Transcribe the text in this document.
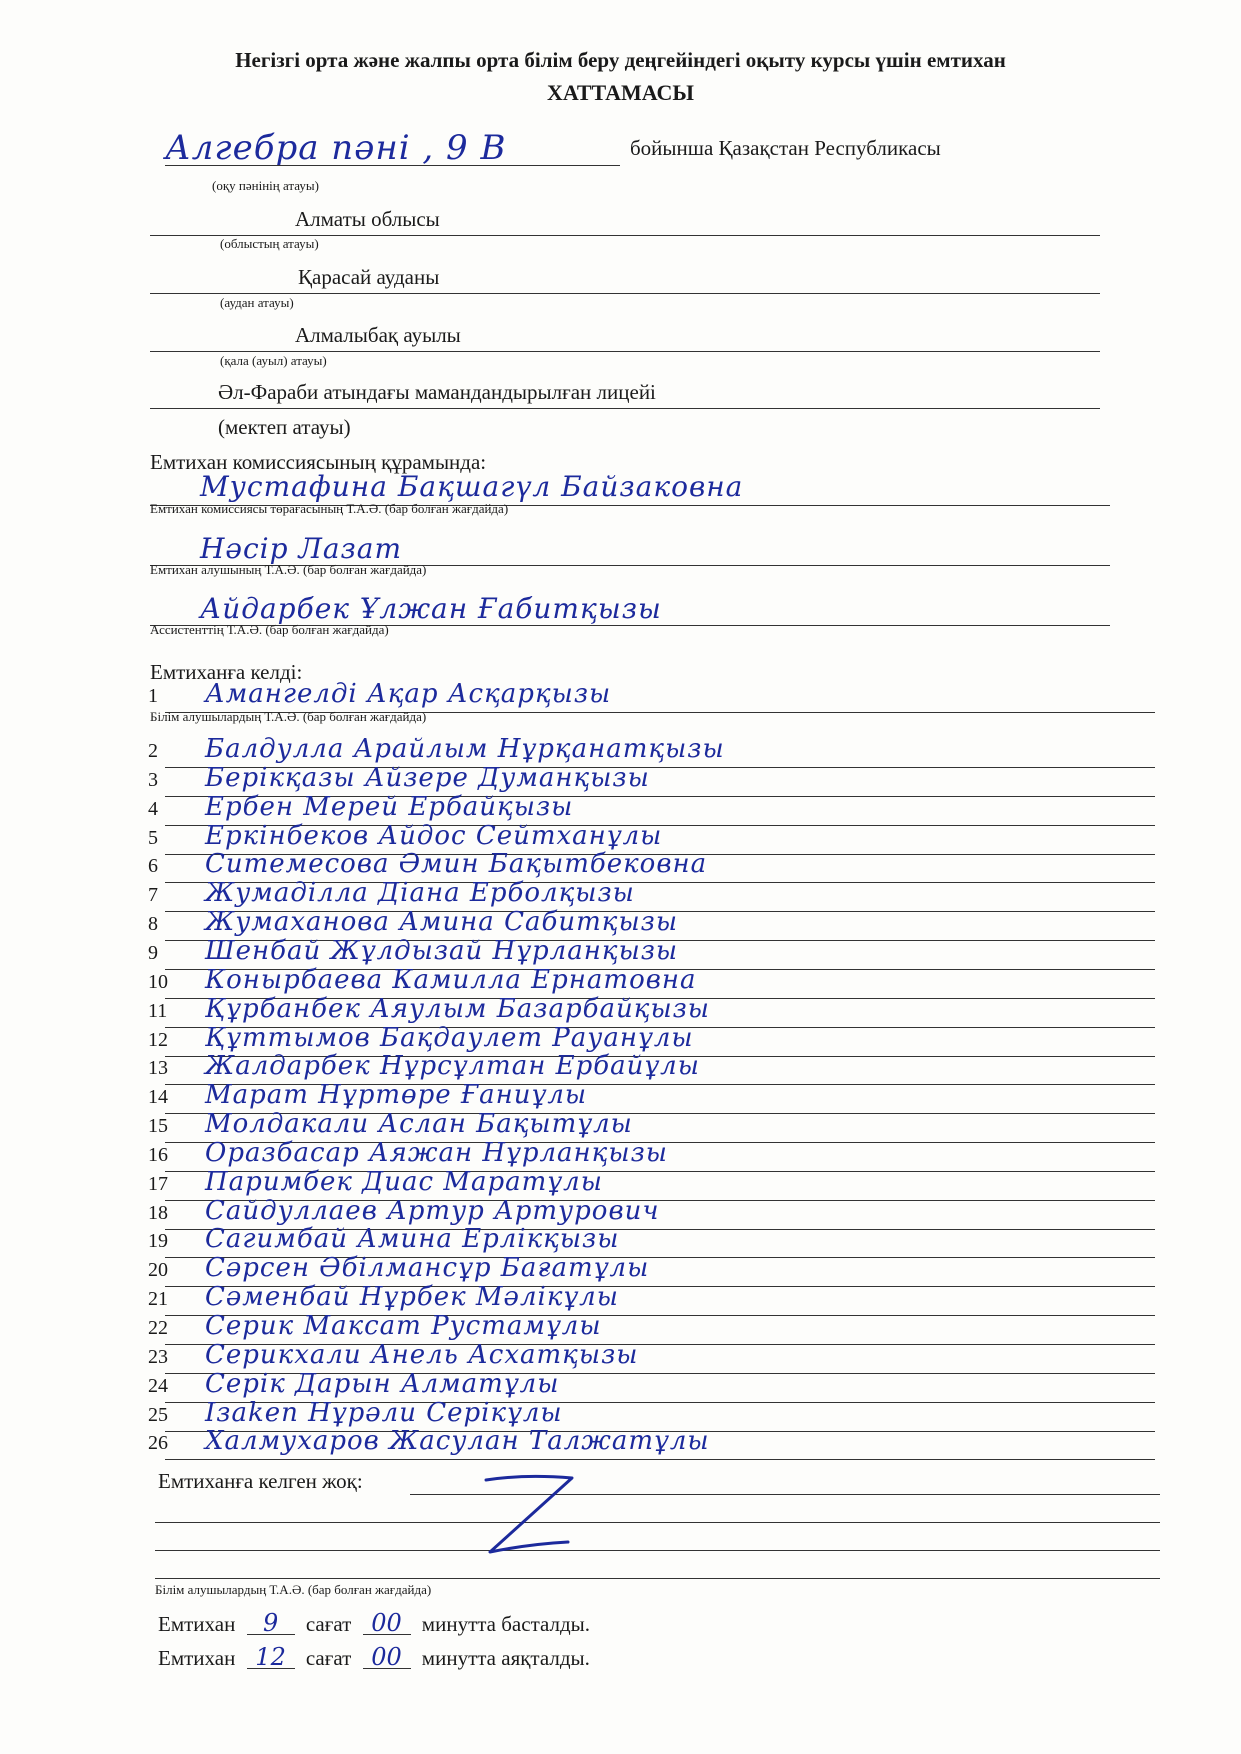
Негізгі орта және жалпы орта білім беру деңгейіндегі оқыту курсы үшін емтихан
ХАТТАМАСЫ
Алгебра пәні , 9 В	бойынша Қазақстан Республикасы
(оқу пәнінің атауы)
Алматы облысы
(облыстың атауы)
Қарасай ауданы
(аудан атауы)
Алмалыбақ ауылы
(қала (ауыл) атауы)
Әл-Фараби атындағы мамандандырылған лицейі
(мектеп атауы)
Емтихан комиссиясының құрамында:
Мустафина Бақшагүл Байзаковна
Емтихан комиссиясы төрағасының Т.А.Ә. (бар болған жағдайда)
Нәсір Лазат
Емтихан алушының Т.А.Ә. (бар болған жағдайда)
Айдарбек Ұлжан Ғабитқызы
Ассистенттің Т.А.Ә. (бар болған жағдайда)
Емтиханға келді:
1	Амангелді Ақар Асқарқызы
2	Балдулла Арайлым Нұрқанатқызы
3	Берікқазы Айзере Думанқызы
4	Ербен Мерей Ербайқызы
5	Еркінбеков Айдос Сейтханұлы
6	Ситемесова Әмин Бақытбековна
7	Жумаділла Діана Ерболқызы
8	Жумаханова Амина Сабитқызы
9	Шенбай Жұлдызай Нұрланқызы
10	Конырбаева Камилла Ернатовна
11	Құрбанбек Аяулым Базарбайқызы
12	Құттымов Бақдаулет Рауанұлы
13	Жалдарбек Нұрсұлтан Ербайұлы
14	Марат Нұртөре Ғаниұлы
15	Молдакали Аслан Бақытұлы
16	Оразбасар Аяжан Нұрланқызы
17	Паримбек Диас Маратұлы
18	Сайдуллаев Артур Артурович
19	Сагимбай Амина Ерлікқызы
20	Сәрсен Әбілмансұр Бағатұлы
21	Сәменбай Нұрбек Мәлікұлы
22	Серик Максат Рустамұлы
23	Серикхали Анель Асхатқызы
24	Серік Дарын Алматұлы
25	Ізаken Нұрәли Серікұлы
26	Халмухаров Жасулан Талжатұлы
Білім алушылардың Т.А.Ә. (бар болған жағдайда)
Емтиханға келген жоқ:
Білім алушылардың Т.А.Ә. (бар болған жағдайда)
Емтихан 9 сағат 00 минутта басталды.
Емтихан 12 сағат 00 минутта аяқталды.
